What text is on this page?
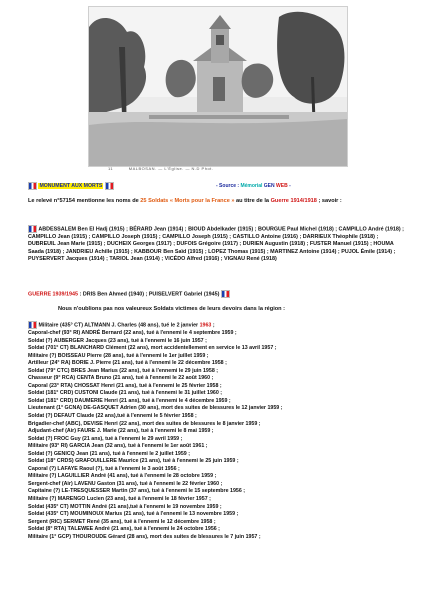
11	MALBOSAN. — L'Église. — N.D Phot.
MONUMENT AUX MORTS	- Source : Mémorial GEN WEB -
Le relevé n°57154 mentionne les noms de 25 Soldats « Morts pour la France » au titre de la Guerre 1914/1918 ; savoir :
ABDESSALEM Ben El Hadj (1915) ; BÉRARD Jean (1914) ; BIOUD Abdelkader (1915) ; BOURGUE Paul Michel (1918) ; CAMPILLO André (1918) ; CAMPILLO Jean (1915) ; CAMPILLO Joseph (1915) ; CAMPILLO Joseph (1915) ; CASTILLO Antoine (1916) ; DARRIEUX Théophile (1918) ; DUBREUIL Jean Marie (1915) ; DUCHEIX Georges (1917) ; DUFOIS Grégoire (1917) ; DURIEN Augustin (1918) ; FUSTER Manuel (1915) ; HOUMA Saada (1918) ; JANDRIEU Achille (1915) ; KABBOUR Ben Saïd (1915) ; LOPEZ Thomas (1915) ; MARTINEZ Antoine (1914) ; PUJOL Émile (1914) ; PUYSERVERT Jacques (1914) ; TARIOL Jean (1914) ; VICÉDO Alfred (1916) ; VIGNAU René (1918)
GUERRE 1939/1945 : DRIS Ben Ahmed (1940) ; PUISELVERT Gabriel (1945)
Nous n'oublions pas nos valeureux Soldats victimes de leurs devoirs dans la région :
Militaire (435° CT) ALTMANN J. Charles (48 ans), tué le 2 janvier 1963 ;
Caporal-chef (93° RI) ANDRÉ Bernard (22 ans), tué à l'ennemi le 4 septembre 1959 ;
Soldat (?) AUBERGER Jacques (23 ans), tué à l'ennemi le 16 juin 1957 ;
Soldat (701° CT) BLANCHARD Clément (22 ans), mort accidentellement en service le 13 avril 1957 ;
Militaire (?) BOISSEAU Pierre (28 ans), tué à l'ennemi le 1er juillet 1959 ;
Artilleur (24° RA) BORIE J. Pierre (21 ans), tué à l'ennemi le 22 décembre 1958 ;
Soldat (79° CTC) BRES Jean Marius (22 ans), tué à l'ennemi le 29 juin 1958 ;
Chasseur (9° RCA) CENTA Bruno (21 ans), tué à l'ennemi le 22 août 1960 ;
Caporal (23° RTA) CHOSSAT Henri (21 ans), tué à l'ennemi le 25 février 1958 ;
Soldat (181° CRD) CUSTONI Claude (21 ans), tué à l'ennemi le 31 juillet 1960 ;
Soldat (181° CRD) DAUMERIE Henri (21 ans), tué à l'ennemi le 4 décembre 1959 ;
Lieutenant (1° GCNA) DE-GASQUET Adrien (30 ans), mort des suites de blessures le 12 janvier 1959 ;
Soldat (?) DEFAUT Claude (22 ans),tué à l'ennemi le 5 février 1958 ;
Brigadier-chef (ABC), DEVISE Henri (22 ans), mort des suites de blessures le 8 janvier 1959 ;
Adjudant-chef (Air) FAURE J. Marie (22 ans), tué à l'ennemi le 8 mai 1959 ;
Soldat (?) FROC Guy (21 ans), tué à l'ennemi le 29 avril 1959 ;
Militaire (93° RI) GARCIA Jean (32 ans), tué à l'ennemi le 1er août 1961 ;
Soldat (?) GENICQ Jean (21 ans), tué à l'ennemi le 2 juillet 1959 ;
Soldat (18° CRDS) GRAFOUILLERE Maurice (21 ans), tué à l'ennemi le 25 juin 1959 ;
Caporal (?) LAFAYE Raoul (?), tué à l'ennemi le 3 août 1956 ;
Militaire (?) LAGUILLIER André (41 ans), tué à l'ennemi le 28 octobre 1959 ;
Sergent-chef (Air) LAVENU Gaston (31 ans), tué à l'ennemi le 22 février 1960 ;
Capitaine (?) LE-TRESQUESSER Martin (37 ans), tué à l'ennemi le 15 septembre 1956 ;
Militaire (?) MARENGO Lucien (23 ans), tué à l'ennemi le 18 février 1957 ;
Soldat (435° CT) MOTTIN André (21 ans),tué à l'ennemi le 19 novembre 1959 ;
Soldat (435° CT) MOUMINOUX Marius (21 ans), tué à l'ennemi le 13 novembre 1959 ;
Sergent (RIC) SERMET René (35 ans), tué à l'ennemi le 12 décembre 1958 ;
Soldat (8° RTA) TALEWEE André (21 ans), tué à l'ennemi le 24 octobre 1956 ;
Militaire (1° GCP) THOUROUDE Gérard (28 ans), mort des suites de blessures le 7 juin 1957 ;
